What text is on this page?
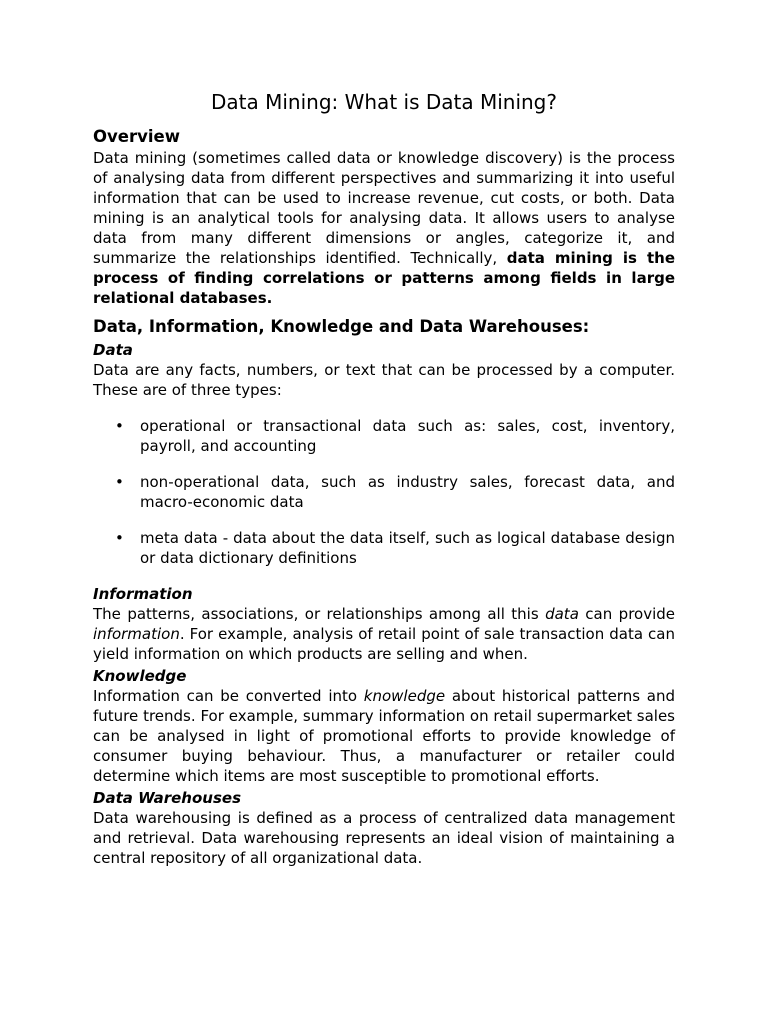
Data Mining: What is Data Mining?
Overview

Data mining (sometimes called data or knowledge discovery) is the process of analysing data from different perspectives and summarizing it into useful information that can be used to increase revenue, cut costs, or both. Data mining is an analytical tools for analysing data. It allows users to analyse data from many different dimensions or angles, categorize it, and summarize the relationships identified. Technically, data mining is the process of finding correlations or patterns among fields in large relational databases.

Data, Information, Knowledge and Data Warehouses:
Data

Data are any facts, numbers, or text that can be processed by a computer. These are of three types:

• operational or transactional data such as: sales, cost, inventory, payroll, and accounting
• non-operational data, such as industry sales, forecast data, and macro-economic data
• meta data - data about the data itself, such as logical database design or data dictionary definitions
Information

The patterns, associations, or relationships among all this data can provide information. For example, analysis of retail point of sale transaction data can yield information on which products are selling and when.

Knowledge

Information can be converted into knowledge about historical patterns and future trends. For example, summary information on retail supermarket sales can be analysed in light of promotional efforts to provide knowledge of consumer buying behaviour. Thus, a manufacturer or retailer could determine which items are most susceptible to promotional efforts.

Data Warehouses

Data warehousing is defined as a process of centralized data management and retrieval. Data warehousing represents an ideal vision of maintaining a central repository of all organizational data.
